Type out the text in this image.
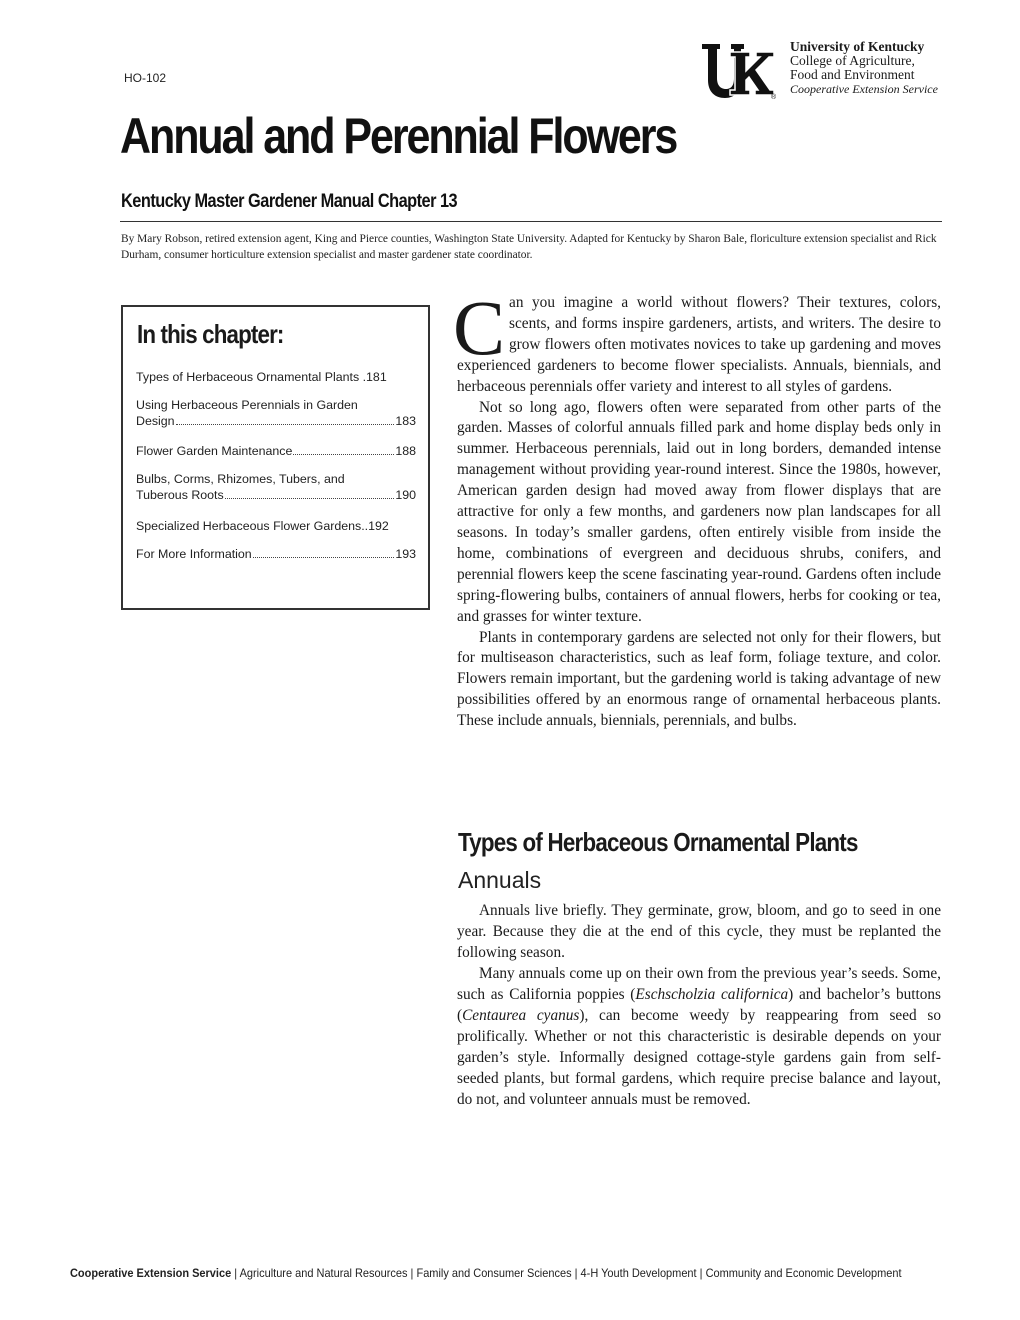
HO-102
®
University of Kentucky
College of Agriculture,
Food and Environment
Cooperative Extension Service
Annual and Perennial Flowers
Kentucky Master Gardener Manual Chapter 13
By Mary Robson, retired extension agent, King and Pierce counties, Washington State University. Adapted for Kentucky by Sharon Bale, floriculture extension specialist and Rick Durham, consumer horticulture extension specialist and master gardener state coordinator.
In this chapter:
Types of Herbaceous Ornamental Plants . 181
Using Herbaceous Perennials in Garden
Design	183
Flower Garden Maintenance	188
Bulbs, Corms, Rhizomes, Tubers, and
Tuberous Roots	190
Specialized Herbaceous Flower Gardens.. 192
For More Information	193

Can you imagine a world without flowers? Their textures, colors, scents, and forms inspire gardeners, artists, and writers. The desire to grow flowers often motivates novices to take up gardening and moves experienced gardeners to become flower specialists. Annuals, biennials, and herbaceous perennials offer variety and interest to all styles of gardens.

Not so long ago, flowers often were separated from other parts of the garden. Masses of colorful annuals filled park and home display beds only in summer. Herbaceous perennials, laid out in long borders, demanded intense management without providing year-round interest. Since the 1980s, however, American garden design had moved away from flower displays that are attractive for only a few months, and gardeners now plan landscapes for all seasons. In today’s smaller gardens, often entirely visible from inside the home, combinations of evergreen and deciduous shrubs, conifers, and perennial flowers keep the scene fascinating year-round. Gardens often include spring-flowering bulbs, containers of annual flowers, herbs for cooking or tea, and grasses for winter texture.

Plants in contemporary gardens are selected not only for their flowers, but for multiseason characteristics, such as leaf form, foliage texture, and color. Flowers remain important, but the gardening world is taking advantage of new possibilities offered by an enormous range of ornamental herbaceous plants. These include annuals, biennials, perennials, and bulbs.

Types of Herbaceous Ornamental Plants
Annuals

Annuals live briefly. They germinate, grow, bloom, and go to seed in one year. Because they die at the end of this cycle, they must be replanted the following season.

Many annuals come up on their own from the previous year’s seeds. Some, such as California poppies (Eschscholzia californica) and bachelor’s buttons (Centaurea cyanus), can become weedy by reappearing from seed so prolifically. Whether or not this characteristic is desirable depends on your garden’s style. Informally designed cottage-style gardens gain from self-seeded plants, but formal gardens, which require precise balance and layout, do not, and volunteer annuals must be removed.

Cooperative Extension Service | Agriculture and Natural Resources | Family and Consumer Sciences | 4-H Youth Development | Community and Economic Development
